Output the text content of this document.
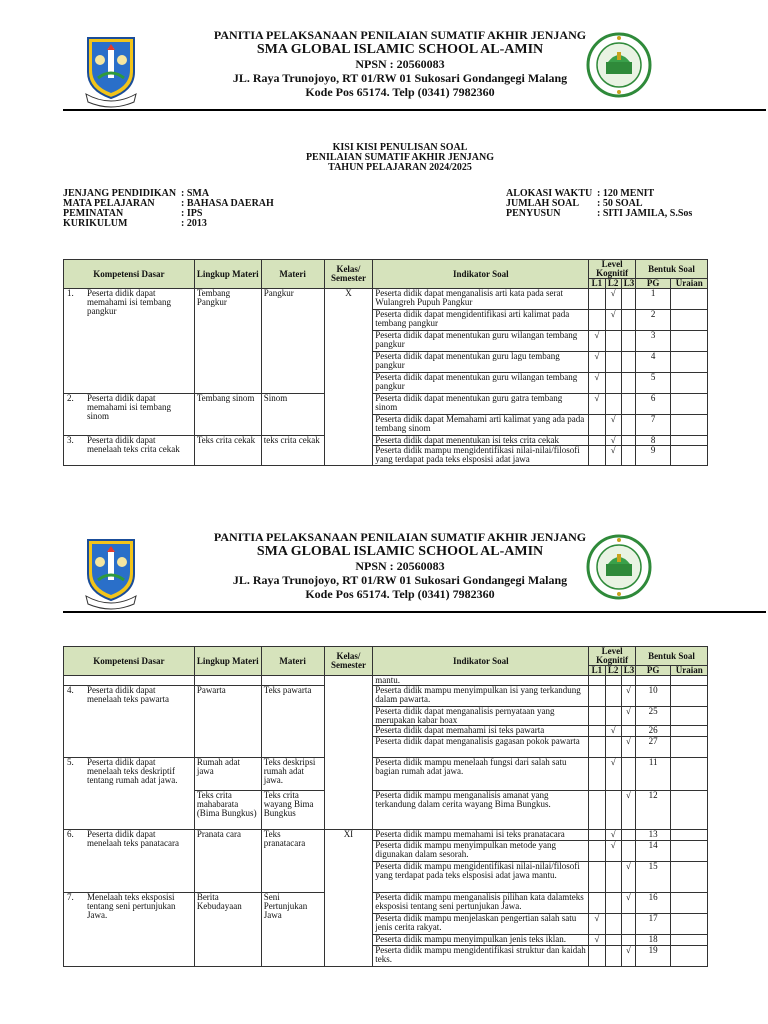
PANITIA PELAKSANAAN PENILAIAN SUMATIF AKHIR JENJANG
SMA GLOBAL ISLAMIC SCHOOL AL-AMIN
NPSN : 20560083
JL. Raya Trunojoyo, RT 01/RW 01 Sukosari Gondangegi Malang
Kode Pos 65174. Telp (0341) 7982360
KISI KISI PENULISAN SOAL
PENILAIAN SUMATIF AKHIR JENJANG
TAHUN PELAJARAN 2024/2025
JENJANG PENDIDIKAN : SMA
MATA PELAJARAN	: BAHASA DAERAH
PEMINATAN	: IPS
KURIKULUM	: 2013
ALOKASI WAKTU : 120 MENIT
JUMLAH SOAL	: 50 SOAL
PENYUSUN	: SITI JAMILA, S.Sos
Kompetensi Dasar	Lingkup Materi	Materi	Kelas/ Semester	Indikator Soal	Level Kognitif			Bentuk Soal	
					L1	L2	L3	PG	Uraian

1. Peserta didik dapat memahami isi tembang pangkur	Tembang Pangkur	Pangkur	X	Peserta didik dapat menganalisis arti kata pada serat Wulangreh Pupuh Pangkur		√		1	
				Peserta didik dapat mengidentifikasi arti kalimat pada tembang pangkur		√		2	
				Peserta didik dapat menentukan guru wilangan tembang pangkur	√			3	
				Peserta didik dapat menentukan guru lagu tembang pangkur	√			4	
				Peserta didik dapat menentukan guru wilangan tembang pangkur	√			5	

2. Peserta didik dapat memahami isi tembang sinom	Tembang sinom	Sinom		Peserta didik dapat menentukan guru gatra tembang sinom	√			6	
				Peserta didik dapat Memahami arti kalimat yang ada pada tembang sinom		√		7	

3. Peserta didik dapat menelaah teks crita cekak	Teks crita cekak	teks crita cekak		Peserta didik dapat menentukan isi teks crita cekak		√		8	
				Peserta didik mampu mengidentifikasi nilai-nilai/filosofi yang terdapat pada teks elsposisi adat jawa		√		9	
PANITIA PELAKSANAAN PENILAIAN SUMATIF AKHIR JENJANG
SMA GLOBAL ISLAMIC SCHOOL AL-AMIN
NPSN : 20560083
JL. Raya Trunojoyo, RT 01/RW 01 Sukosari Gondangegi Malang
Kode Pos 65174. Telp (0341) 7982360
Kompetensi Dasar	Lingkup Materi	Materi	Kelas/ Semester	Indikator Soal	Level Kognitif			Bentuk Soal	
					L1	L2	L3	PG	Uraian
				mantu.					

4. Peserta didik dapat menelaah teks pawarta	Pawarta	Teks pawarta		Peserta didik mampu menyimpulkan isi yang terkandung dalam pawarta.			√	10	
				Peserta didik dapat menganalisis pernyataan yang merupakan kabar hoax			√	25	
				Peserta didik dapat memahami isi teks pawarta		√		26	
				Peserta didik dapat menganalisis gagasan pokok pawarta			√	27	

5. Peserta didik dapat menelaah teks deskriptif tentang rumah adat jawa.	Rumah adat jawa	Teks deskripsi rumah adat jawa.		Peserta didik mampu menelaah fungsi dari salah satu bagian rumah adat jawa.		√		11	
	Teks crita mahabarata (Bima Bungkus)	Teks crita wayang Bima Bungkus		Peserta didik mampu menganalisis amanat yang terkandung dalam cerita wayang Bima Bungkus.			√	12	

6. Peserta didik dapat menelaah teks panatacara	Pranata cara	Teks pranatacara	XI	Peserta didik mampu memahami isi teks pranatacara		√		13	
				Peserta didik mampu menyimpulkan metode yang digunakan dalam sesorah.		√		14	
				Peserta didik mampu mengidentifikasi nilai-nilai/filosofi yang terdapat pada teks elsposisi adat jawa mantu.			√	15	

7. Menelaah teks eksposisi tentang seni pertunjukan Jawa.	Berita Kebudayaan	Seni Pertunjukan Jawa		Peserta didik mampu menganalisis pilihan kata dalamteks eksposisi tentang seni pertunjukan Jawa.			√	16	
				Peserta didik mampu menjelaskan pengertian salah satu jenis cerita rakyat.	√			17	
				Peserta didik mampu menyimpulkan jenis teks iklan.	√			18	
				Peserta didik mampu mengidentifikasi struktur dan kaidah teks.			√	19	
